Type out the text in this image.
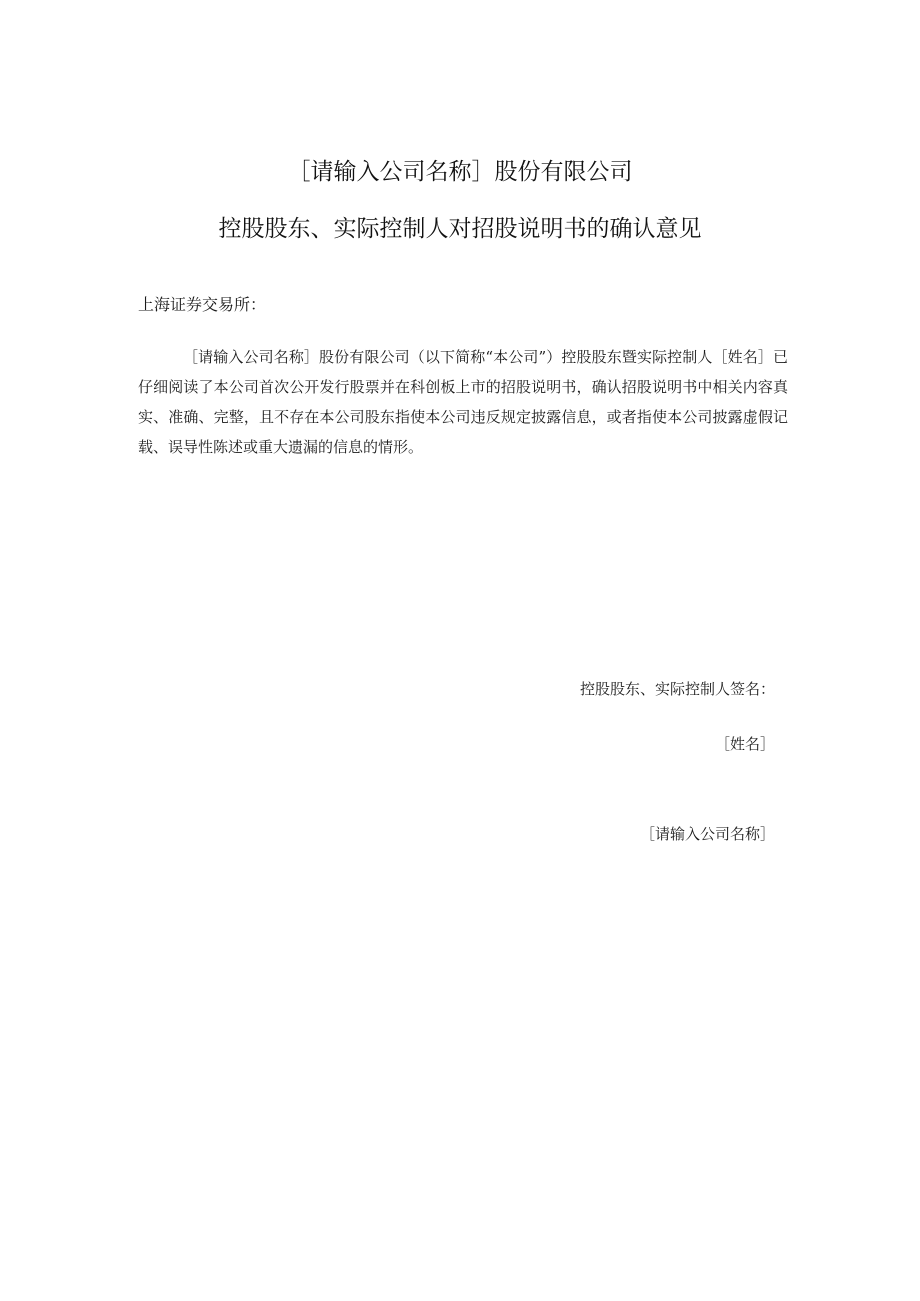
［请输入公司名称］股份有限公司
控股股东、实际控制人对招股说明书的确认意见

上海证券交易所：

［请输入公司名称］股份有限公司（以下简称“本公司”）控股股东暨实际控制人［姓名］已仔细阅读了本公司首次公开发行股票并在科创板上市的招股说明书，确认招股说明书中相关内容真实、准确、完整，且不存在本公司股东指使本公司违反规定披露信息，或者指使本公司披露虚假记载、误导性陈述或重大遗漏的信息的情形。

控股股东、实际控制人签名：

［姓名］

［请输入公司名称］
